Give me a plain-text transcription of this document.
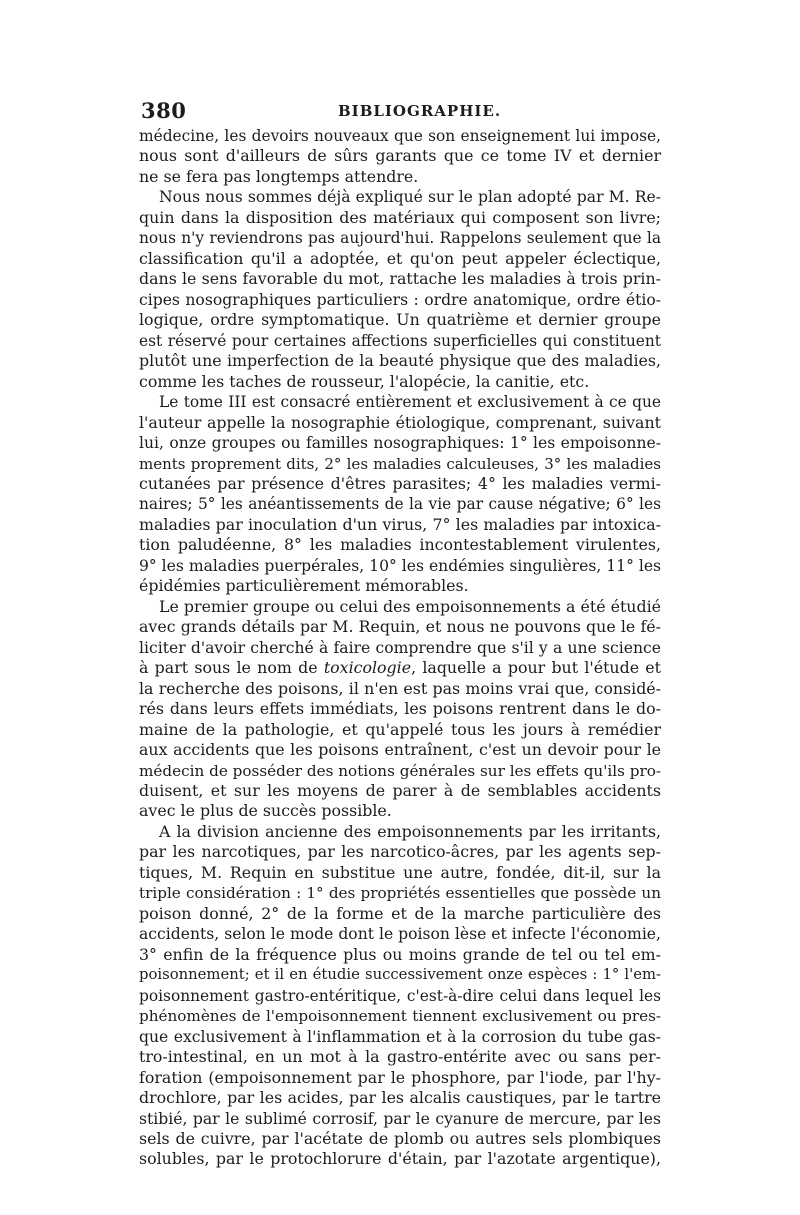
380	BIBLIOGRAPHIE.
médecine, les devoirs nouveaux que son enseignement lui impose,
nous sont d'ailleurs de sûrs garants que ce tome IV et dernier
ne se fera pas longtemps attendre.
Nous nous sommes déjà expliqué sur le plan adopté par M. Re-
quin dans la disposition des matériaux qui composent son livre;
nous n'y reviendrons pas aujourd'hui. Rappelons seulement que la
classification qu'il a adoptée, et qu'on peut appeler éclectique,
dans le sens favorable du mot, rattache les maladies à trois prin-
cipes nosographiques particuliers : ordre anatomique, ordre étio-
logique, ordre symptomatique. Un quatrième et dernier groupe
est réservé pour certaines affections superficielles qui constituent
plutôt une imperfection de la beauté physique que des maladies,
comme les taches de rousseur, l'alopécie, la canitie, etc.
Le tome III est consacré entièrement et exclusivement à ce que
l'auteur appelle la nosographie étiologique, comprenant, suivant
lui, onze groupes ou familles nosographiques: 1° les empoisonne-
ments proprement dits, 2° les maladies calculeuses, 3° les maladies
cutanées par présence d'êtres parasites; 4° les maladies vermi-
naires; 5° les anéantissements de la vie par cause négative; 6° les
maladies par inoculation d'un virus, 7° les maladies par intoxica-
tion paludéenne, 8° les maladies incontestablement virulentes,
9° les maladies puerpérales, 10° les endémies singulières, 11° les
épidémies particulièrement mémorables.
Le premier groupe ou celui des empoisonnements a été étudié
avec grands détails par M. Requin, et nous ne pouvons que le fé-
liciter d'avoir cherché à faire comprendre que s'il y a une science
à part sous le nom de toxicologie, laquelle a pour but l'étude et
la recherche des poisons, il n'en est pas moins vrai que, considé-
rés dans leurs effets immédiats, les poisons rentrent dans le do-
maine de la pathologie, et qu'appelé tous les jours à remédier
aux accidents que les poisons entraînent, c'est un devoir pour le
médecin de posséder des notions générales sur les effets qu'ils pro-
duisent, et sur les moyens de parer à de semblables accidents
avec le plus de succès possible.
A la division ancienne des empoisonnements par les irritants,
par les narcotiques, par les narcotico-âcres, par les agents sep-
tiques, M. Requin en substitue une autre, fondée, dit-il, sur la
triple considération : 1° des propriétés essentielles que possède un
poison donné, 2° de la forme et de la marche particulière des
accidents, selon le mode dont le poison lèse et infecte l'économie,
3° enfin de la fréquence plus ou moins grande de tel ou tel em-
poisonnement; et il en étudie successivement onze espèces : 1° l'em-
poisonnement gastro-entéritique, c'est-à-dire celui dans lequel les
phénomènes de l'empoisonnement tiennent exclusivement ou pres-
que exclusivement à l'inflammation et à la corrosion du tube gas-
tro-intestinal, en un mot à la gastro-entérite avec ou sans per-
foration (empoisonnement par le phosphore, par l'iode, par l'hy-
drochlore, par les acides, par les alcalis caustiques, par le tartre
stibié, par le sublimé corrosif, par le cyanure de mercure, par les
sels de cuivre, par l'acétate de plomb ou autres sels plombiques
solubles, par le protochlorure d'étain, par l'azotate argentique),
